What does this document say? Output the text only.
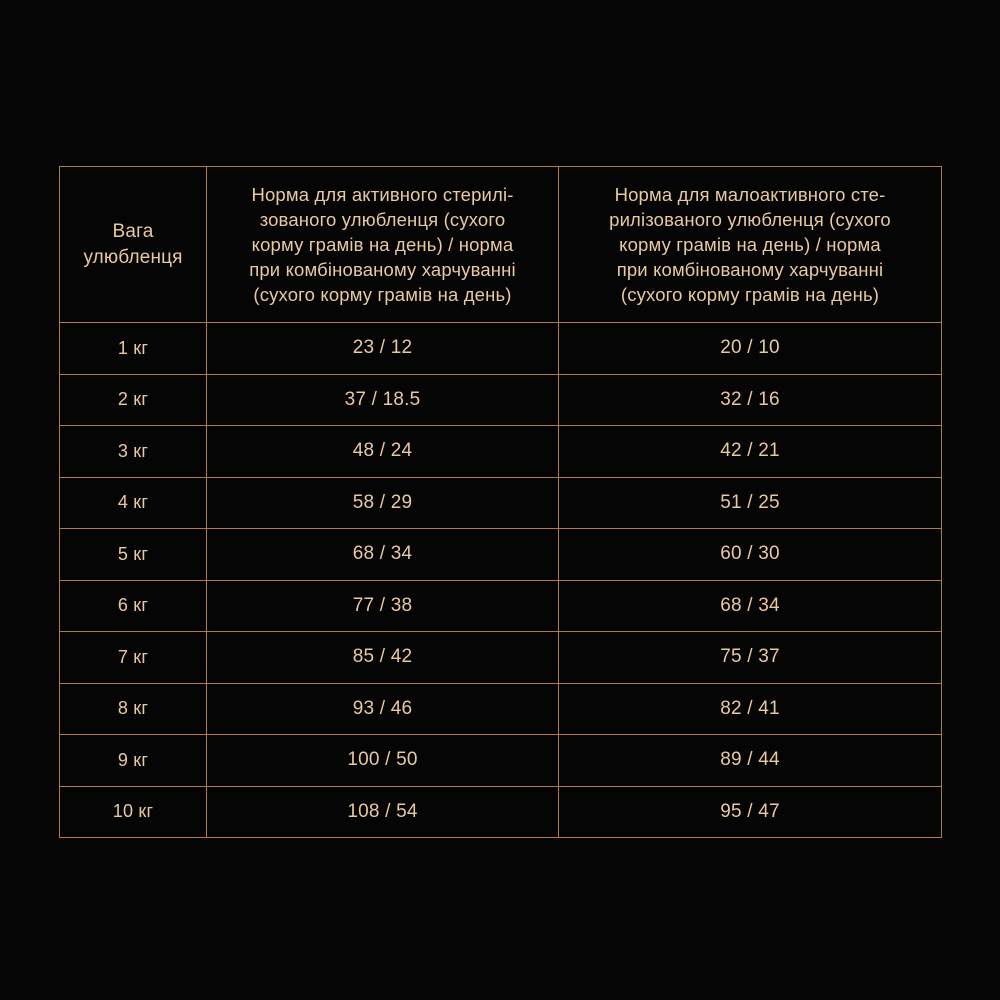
Вага
улюбленця	Норма для активного стерилі-
зованого улюбленця (сухого
корму грамів на день) / норма
при комбінованому харчуванні
(сухого корму грамів на день)	Норма для малоактивного сте-
рилізованого улюбленця (сухого
корму грамів на день) / норма
при комбінованому харчуванні
(сухого корму грамів на день)

1 кг	23 / 12	20 / 10
2 кг	37 / 18.5	32 / 16
3 кг	48 / 24	42 / 21
4 кг	58 / 29	51 / 25
5 кг	68 / 34	60 / 30
6 кг	77 / 38	68 / 34
7 кг	85 / 42	75 / 37
8 кг	93 / 46	82 / 41
9 кг	100 / 50	89 / 44
10 кг	108 / 54	95 / 47
